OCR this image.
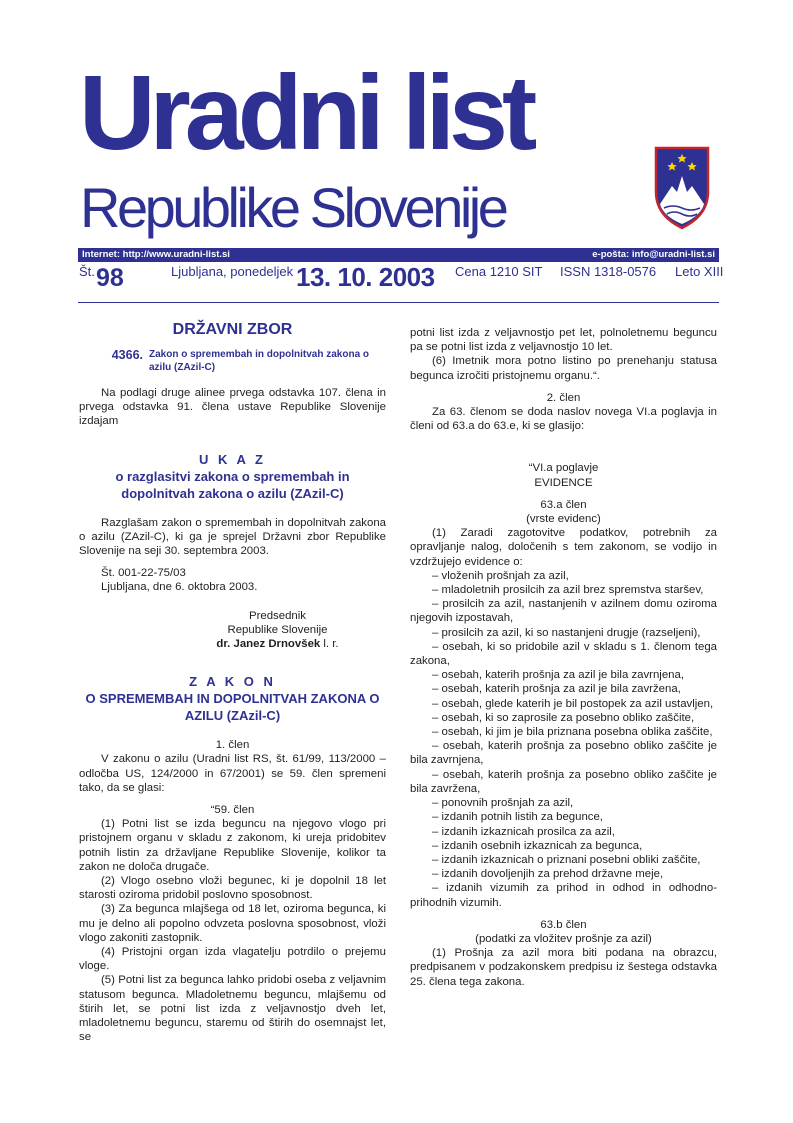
Uradni list
Republike Slovenije
Internet: http://www.uradni-list.si	e-pošta: info@uradni-list.si
Št. 98	Ljubljana, ponedeljek 13. 10. 2003 Cena 1210 SIT ISSN 1318-0576 Leto XIII
DRŽAVNI ZBOR
4366. Zakon o spremembah in dopolnitvah zakona o azilu (ZAzil-C)

Na podlagi druge alinee prvega odstavka 107. člena in prvega odstavka 91. člena ustave Republike Slovenije izdajam

U K A Z
o razglasitvi zakona o spremembah in dopolnitvah zakona o azilu (ZAzil-C)

Razglašam zakon o spremembah in dopolnitvah zakona o azilu (ZAzil-C), ki ga je sprejel Državni zbor Republike Slovenije na seji 30. septembra 2003.

Št. 001-22-75/03

Ljubljana, dne 6. oktobra 2003.

Predsednik

Republike Slovenije

dr. Janez Drnovšek l. r.

Z A K O N
O SPREMEMBAH IN DOPOLNITVAH ZAKONA O AZILU (ZAzil-C)

1. člen

V zakonu o azilu (Uradni list RS, št. 61/99, 113/2000 – odločba US, 124/2000 in 67/2001) se 59. člen spremeni tako, da se glasi:

“59. člen

(1) Potni list se izda beguncu na njegovo vlogo pri pristojnem organu v skladu z zakonom, ki ureja pridobitev potnih listin za državljane Republike Slovenije, kolikor ta zakon ne določa drugače.

(2) Vlogo osebno vloži begunec, ki je dopolnil 18 let starosti oziroma pridobil poslovno sposobnost.

(3) Za begunca mlajšega od 18 let, oziroma begunca, ki mu je delno ali popolno odvzeta poslovna sposobnost, vloži vlogo zakoniti zastopnik.

(4) Pristojni organ izda vlagatelju potrdilo o prejemu vloge.

(5) Potni list za begunca lahko pridobi oseba z veljavnim statusom begunca. Mladoletnemu beguncu, mlajšemu od štirih let, se potni list izda z veljavnostjo dveh let, mladoletnemu beguncu, staremu od štirih do osemnajst let, se

potni list izda z veljavnostjo pet let, polnoletnemu beguncu pa se potni list izda z veljavnostjo 10 let.

(6) Imetnik mora potno listino po prenehanju statusa begunca izročiti pristojnemu organu.“.

2. člen

Za 63. členom se doda naslov novega VI.a poglavja in členi od 63.a do 63.e, ki se glasijo:

“VI.a poglavje

EVIDENCE

63.a člen

(vrste evidenc)

(1) Zaradi zagotovitve podatkov, potrebnih za opravljanje nalog, določenih s tem zakonom, se vodijo in vzdržujejo evidence o:

– vloženih prošnjah za azil,

– mladoletnih prosilcih za azil brez spremstva staršev,

– prosilcih za azil, nastanjenih v azilnem domu oziroma njegovih izpostavah,

– prosilcih za azil, ki so nastanjeni drugje (razseljeni),

– osebah, ki so pridobile azil v skladu s 1. členom tega zakona,

– osebah, katerih prošnja za azil je bila zavrnjena,

– osebah, katerih prošnja za azil je bila zavržena,

– osebah, glede katerih je bil postopek za azil ustavljen,

– osebah, ki so zaprosile za posebno obliko zaščite,

– osebah, ki jim je bila priznana posebna oblika zaščite,

– osebah, katerih prošnja za posebno obliko zaščite je bila zavrnjena,

– osebah, katerih prošnja za posebno obliko zaščite je bila zavržena,

– ponovnih prošnjah za azil,

– izdanih potnih listih za begunce,

– izdanih izkaznicah prosilca za azil,

– izdanih osebnih izkaznicah za begunca,

– izdanih izkaznicah o priznani posebni obliki zaščite,

– izdanih dovoljenjih za prehod državne meje,

– izdanih vizumih za prihod in odhod in odhodno-prihodnih vizumih.

63.b člen

(podatki za vložitev prošnje za azil)

(1) Prošnja za azil mora biti podana na obrazcu, predpisanem v podzakonskem predpisu iz šestega odstavka 25. člena tega zakona.
